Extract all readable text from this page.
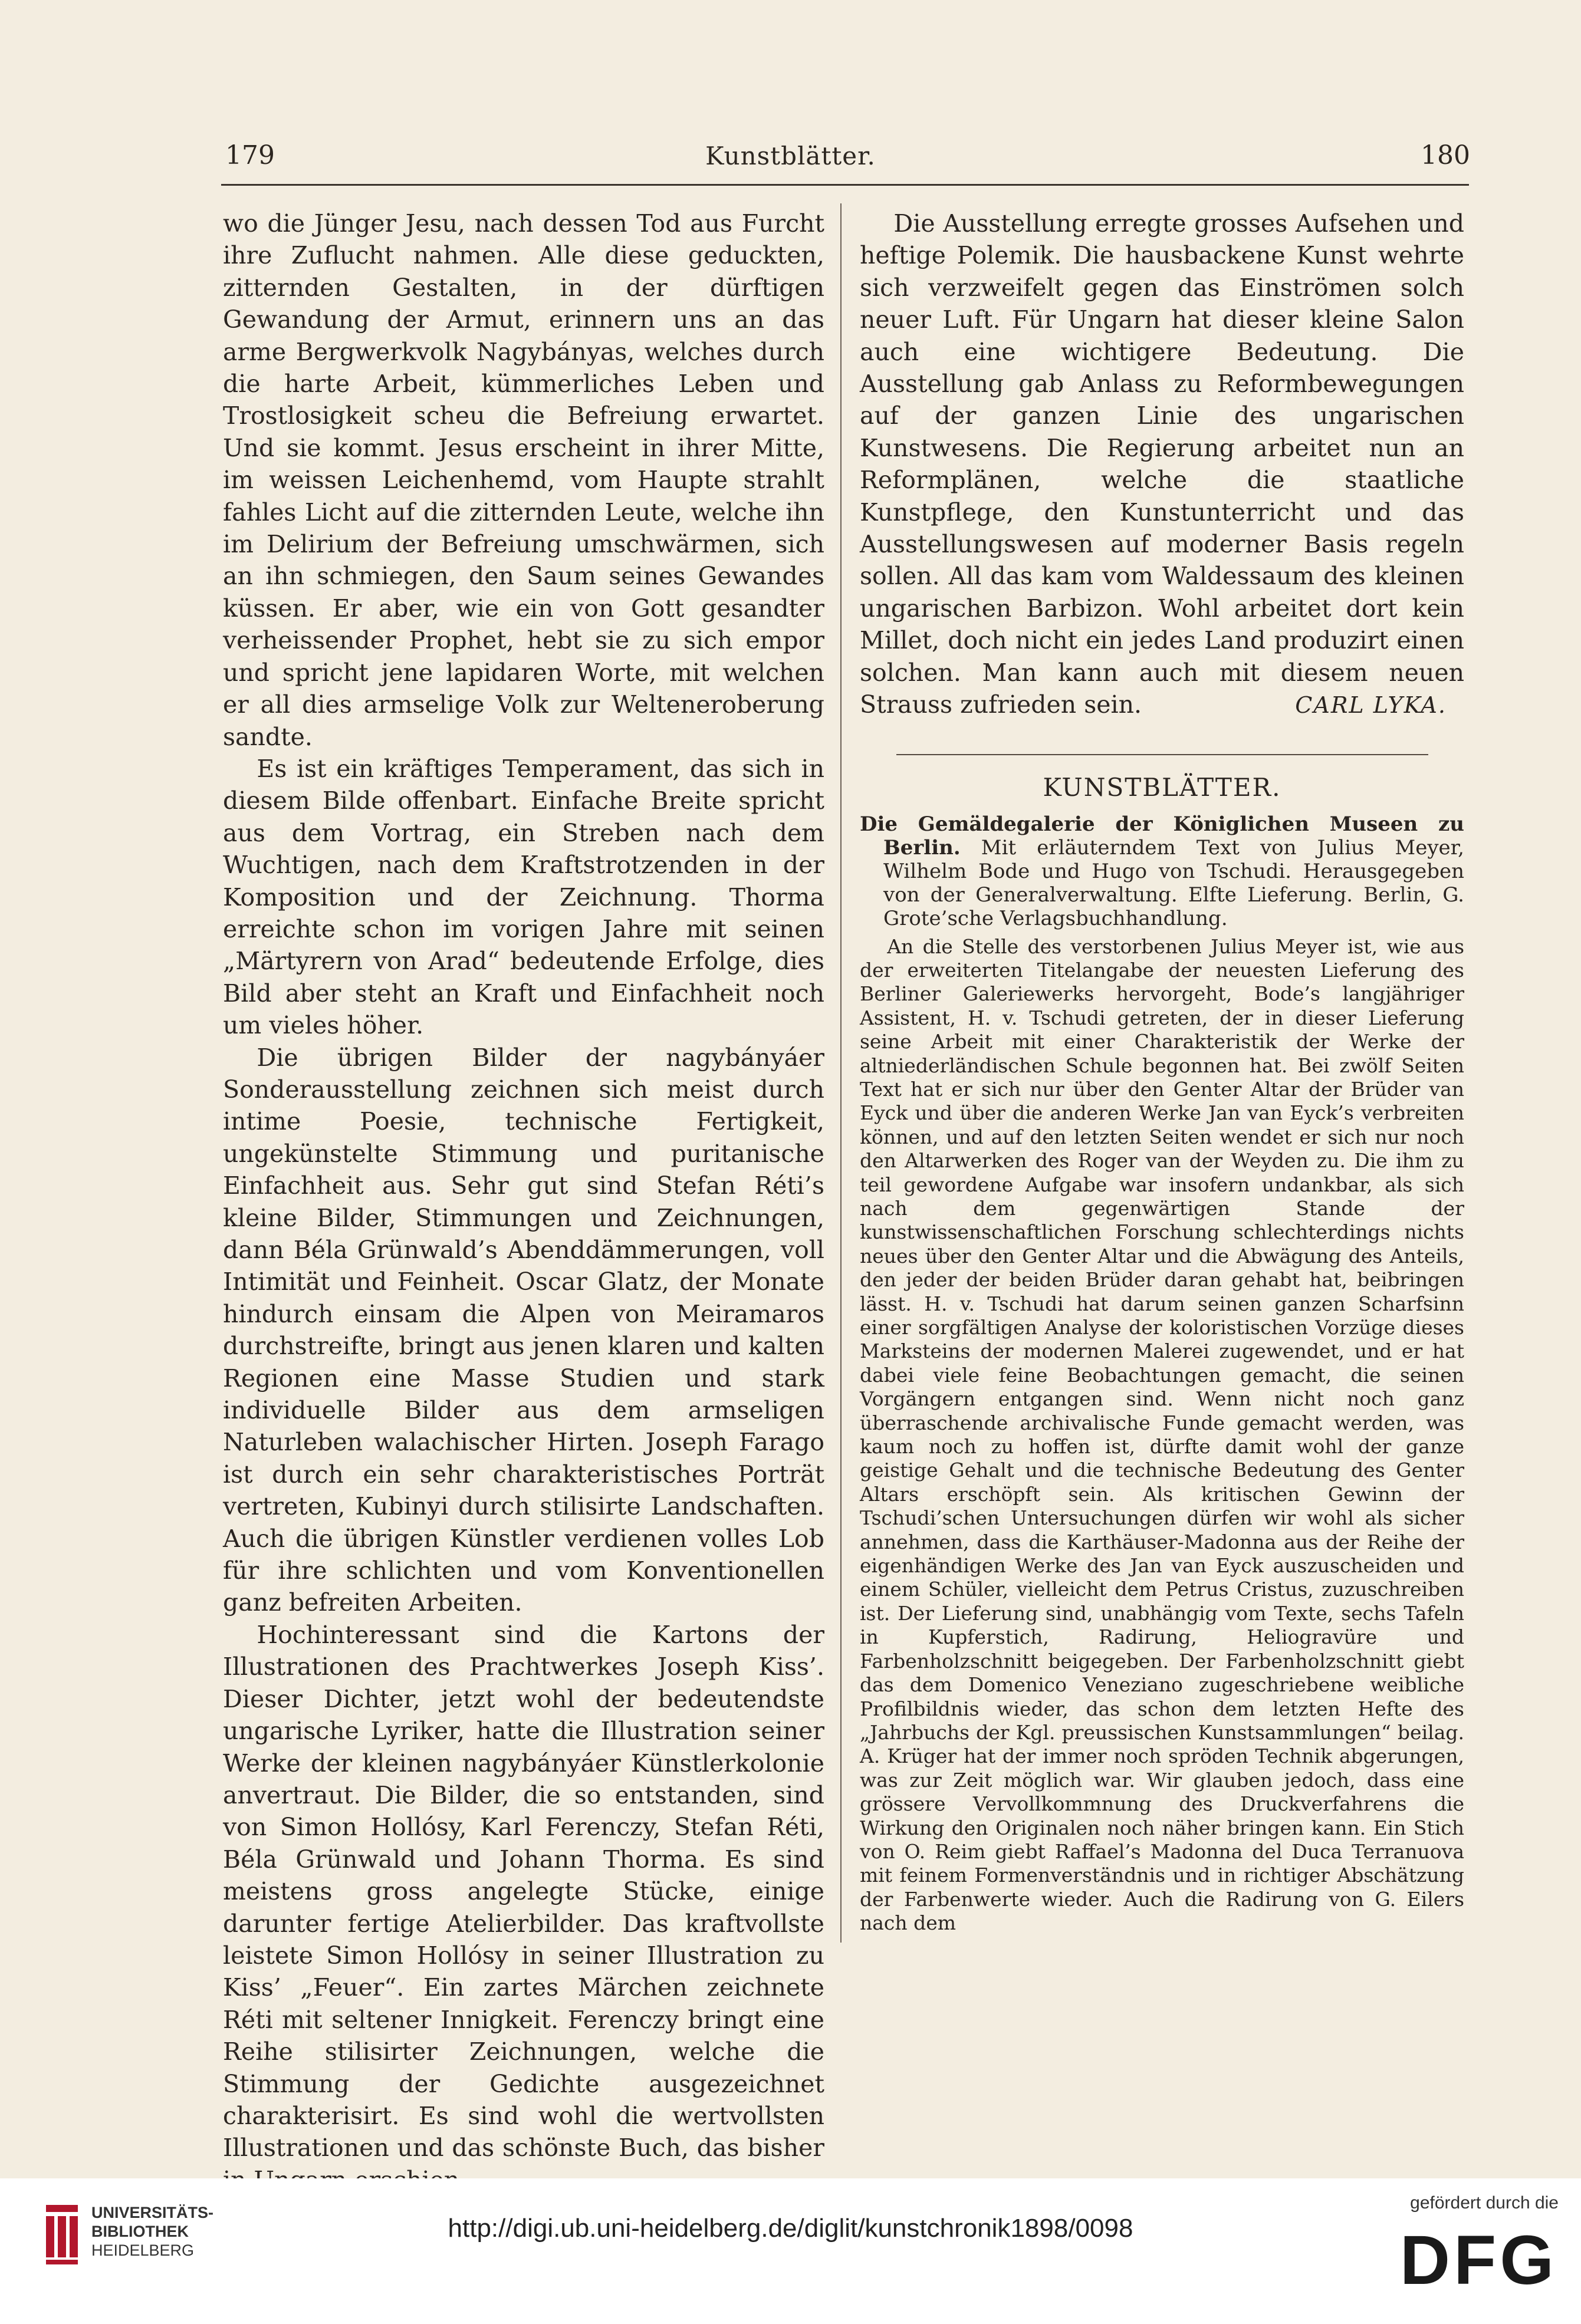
179	Kunstblätter.	180

wo die Jünger Jesu, nach dessen Tod aus Furcht ihre Zuflucht nahmen. Alle diese geduckten, zitternden Gestalten, in der dürftigen Gewandung der Armut, erinnern uns an das arme Bergwerkvolk Nagybányas, welches durch die harte Arbeit, kümmerliches Leben und Trostlosigkeit scheu die Befreiung erwartet. Und sie kommt. Jesus erscheint in ihrer Mitte, im weissen Leichenhemd, vom Haupte strahlt fahles Licht auf die zitternden Leute, welche ihn im Delirium der Befreiung umschwärmen, sich an ihn schmiegen, den Saum seines Gewandes küssen. Er aber, wie ein von Gott gesandter verheissender Prophet, hebt sie zu sich empor und spricht jene lapidaren Worte, mit welchen er all dies armselige Volk zur Welteneroberung sandte.

Es ist ein kräftiges Temperament, das sich in diesem Bilde offenbart. Einfache Breite spricht aus dem Vortrag, ein Streben nach dem Wuchtigen, nach dem Kraftstrotzenden in der Komposition und der Zeichnung. Thorma erreichte schon im vorigen Jahre mit seinen „Märtyrern von Arad“ bedeutende Erfolge, dies Bild aber steht an Kraft und Einfachheit noch um vieles höher.

Die übrigen Bilder der nagybányáer Sonderausstellung zeichnen sich meist durch intime Poesie, technische Fertigkeit, ungekünstelte Stimmung und puritanische Einfachheit aus. Sehr gut sind Stefan Réti’s kleine Bilder, Stimmungen und Zeichnungen, dann Béla Grünwald’s Abenddämmerungen, voll Intimität und Feinheit. Oscar Glatz, der Monate hindurch einsam die Alpen von Meiramaros durchstreifte, bringt aus jenen klaren und kalten Regionen eine Masse Studien und stark individuelle Bilder aus dem armseligen Naturleben walachischer Hirten. Joseph Farago ist durch ein sehr charakteristisches Porträt vertreten, Kubinyi durch stilisirte Landschaften. Auch die übrigen Künstler verdienen volles Lob für ihre schlichten und vom Konventionellen ganz befreiten Arbeiten.

Hochinteressant sind die Kartons der Illustrationen des Prachtwerkes Joseph Kiss’. Dieser Dichter, jetzt wohl der bedeutendste ungarische Lyriker, hatte die Illustration seiner Werke der kleinen nagybányáer Künstlerkolonie anvertraut. Die Bilder, die so entstanden, sind von Simon Hollósy, Karl Ferenczy, Stefan Réti, Béla Grünwald und Johann Thorma. Es sind meistens gross angelegte Stücke, einige darunter fertige Atelierbilder. Das kraftvollste leistete Simon Hollósy in seiner Illustration zu Kiss’ „Feuer“. Ein zartes Märchen zeichnete Réti mit seltener Innigkeit. Ferenczy bringt eine Reihe stilisirter Zeichnungen, welche die Stimmung der Gedichte ausgezeichnet charakterisirt. Es sind wohl die wertvollsten Illustrationen und das schönste Buch, das bisher

Die Ausstellung erregte grosses Aufsehen und heftige Polemik. Die hausbackene Kunst wehrte sich verzweifelt gegen das Einströmen solch neuer Luft. Für Ungarn hat dieser kleine Salon auch eine wichtigere Bedeutung. Die Ausstellung gab Anlass zu Reformbewegungen auf der ganzen Linie des ungarischen Kunstwesens. Die Regierung arbeitet nun an Reformplänen, welche die staatliche Kunstpflege, den Kunstunterricht und das Ausstellungswesen auf moderner Basis regeln sollen. All das kam vom Waldessaum des kleinen ungarischen Barbizon. Wohl arbeitet dort kein Millet, doch nicht ein jedes Land produzirt einen solchen. Man kann auch mit diesem neuen Strauss zufrieden sein.	CARL LYKA.

KUNSTBLÄTTER.

Die Gemäldegalerie der Königlichen Museen zu Berlin. Mit erläuterndem Text von Julius Meyer, Wilhelm Bode und Hugo von Tschudi. Herausgegeben von der Generalverwaltung. Elfte Lieferung. Berlin, G. Grote’sche Verlagsbuchhandlung.

An die Stelle des verstorbenen Julius Meyer ist, wie aus der erweiterten Titelangabe der neuesten Lieferung des Berliner Galeriewerks hervorgeht, Bode’s langjähriger Assistent, H. v. Tschudi getreten, der in dieser Lieferung seine Arbeit mit einer Charakteristik der Werke der altniederländischen Schule begonnen hat. Bei zwölf Seiten Text hat er sich nur über den Genter Altar der Brüder van Eyck und über die anderen Werke Jan van Eyck’s verbreiten können, und auf den letzten Seiten wendet er sich nur noch den Altarwerken des Roger van der Weyden zu. Die ihm zu teil gewordene Aufgabe war insofern undankbar, als sich nach dem gegenwärtigen Stande der kunstwissenschaftlichen Forschung schlechterdings nichts neues über den Genter Altar und die Abwägung des Anteils, den jeder der beiden Brüder daran gehabt hat, beibringen lässt. H. v. Tschudi hat darum seinen ganzen Scharfsinn einer sorgfältigen Analyse der koloristischen Vorzüge dieses Marksteins der modernen Malerei zugewendet, und er hat dabei viele feine Beobachtungen gemacht, die seinen Vorgängern entgangen sind. Wenn nicht noch ganz überraschende archivalische Funde gemacht werden, was kaum noch zu hoffen ist, dürfte damit wohl der ganze geistige Gehalt und die technische Bedeutung des Genter Altars erschöpft sein. Als kritischen Gewinn der Tschudi’schen Untersuchungen dürfen wir wohl als sicher annehmen, dass die Karthäuser-Madonna aus der Reihe der eigenhändigen Werke des Jan van Eyck auszuscheiden und einem Schüler, vielleicht dem Petrus Cristus, zuzuschreiben ist. Der Lieferung sind, unabhängig vom Texte, sechs Tafeln in Kupferstich, Radirung, Heliogravüre und Farbenholzschnitt beigegeben. Der Farbenholzschnitt giebt das dem Domenico Veneziano zugeschriebene weibliche Profilbildnis wieder, das schon dem letzten Hefte des „Jahrbuchs der Kgl. preussischen Kunstsammlungen“ beilag. A. Krüger hat der immer noch spröden Technik abgerungen, was zur Zeit möglich war. Wir glauben jedoch, dass eine grössere Vervollkommnung des Druckverfahrens die Wirkung den Originalen noch näher bringen kann. Ein Stich von O. Reim giebt Raffael’s Madonna del Duca Terranuova mit feinem Formenverständnis und in richtiger Abschätzung der Farbenwerte wieder. Auch die Radirung von G. Eilers nach dem

UNIVERSITÄTS-
BIBLIOTHEK
HEIDELBERG
http://digi.ub.uni-heidelberg.de/diglit/kunstchronik1898/0098
gefördert durch die
DFG
